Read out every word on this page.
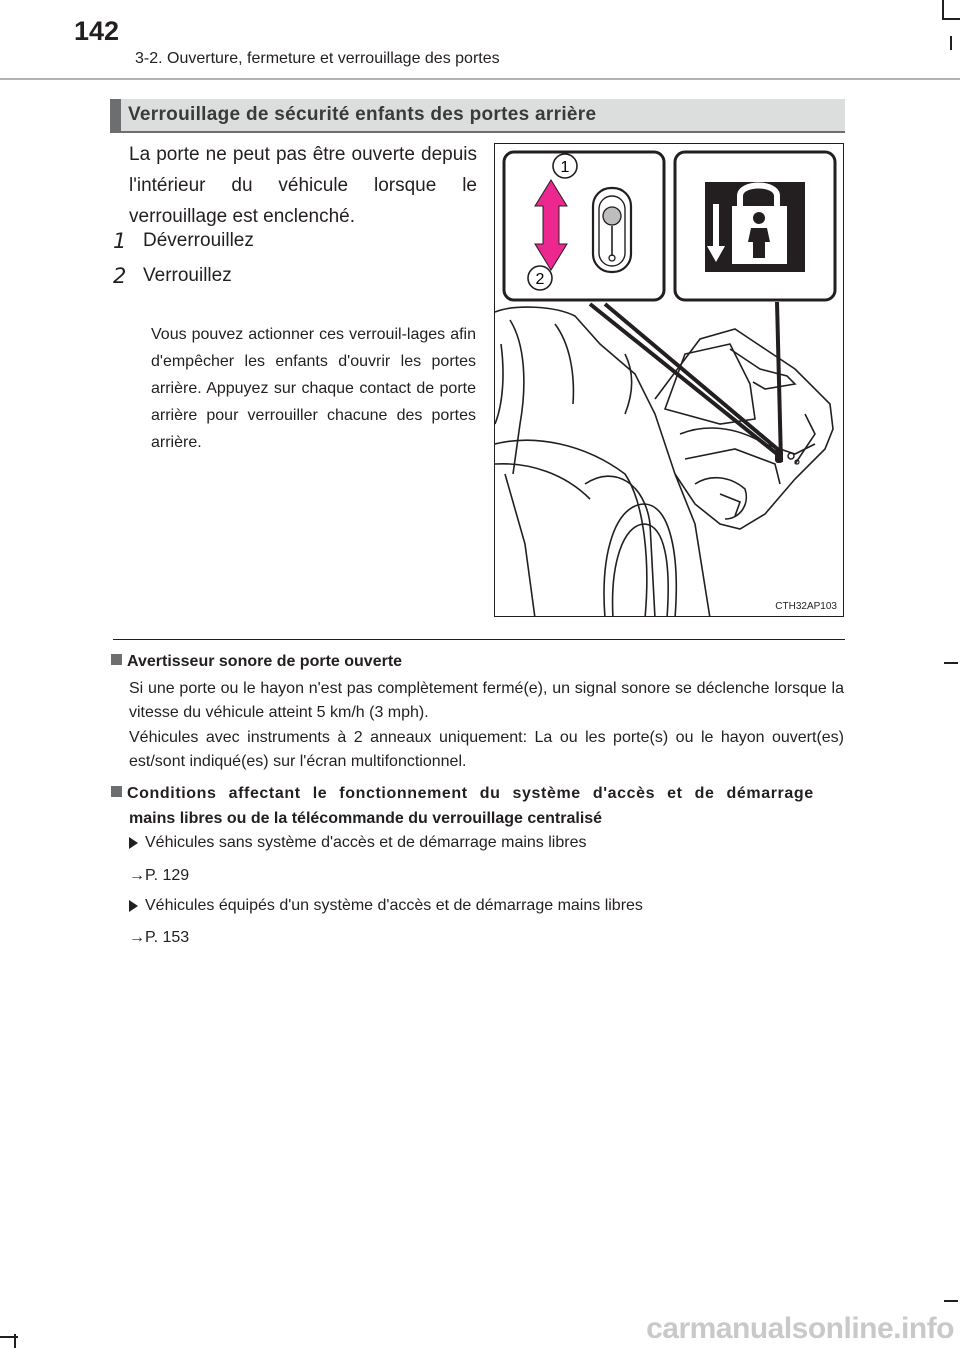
142
3-2. Ouverture, fermeture et verrouillage des portes
Verrouillage de sécurité enfants des portes arrière
La porte ne peut pas être ouverte depuis l'intérieur du véhicule lorsque le verrouillage est enclenché.
1 Déverrouillez
2 Verrouillez
Vous pouvez actionner ces verrouil-lages afin d'empêcher les enfants d'ouvrir les portes arrière. Appuyez sur chaque contact de porte arrière pour verrouiller chacune des portes arrière.
1
2
CTH32AP103
Avertisseur sonore de porte ouverte
Si une porte ou le hayon n'est pas complètement fermé(e), un signal sonore se déclenche lorsque la vitesse du véhicule atteint 5 km/h (3 mph).
Véhicules avec instruments à 2 anneaux uniquement: La ou les porte(s) ou le hayon ouvert(es) est/sont indiqué(es) sur l'écran multifonctionnel.
Conditions affectant le fonctionnement du système d'accès et de démarrage
mains libres ou de la télécommande du verrouillage centralisé
Véhicules sans système d'accès et de démarrage mains libres
→P. 129
Véhicules équipés d'un système d'accès et de démarrage mains libres
→P. 153
carmanualsonline.info
